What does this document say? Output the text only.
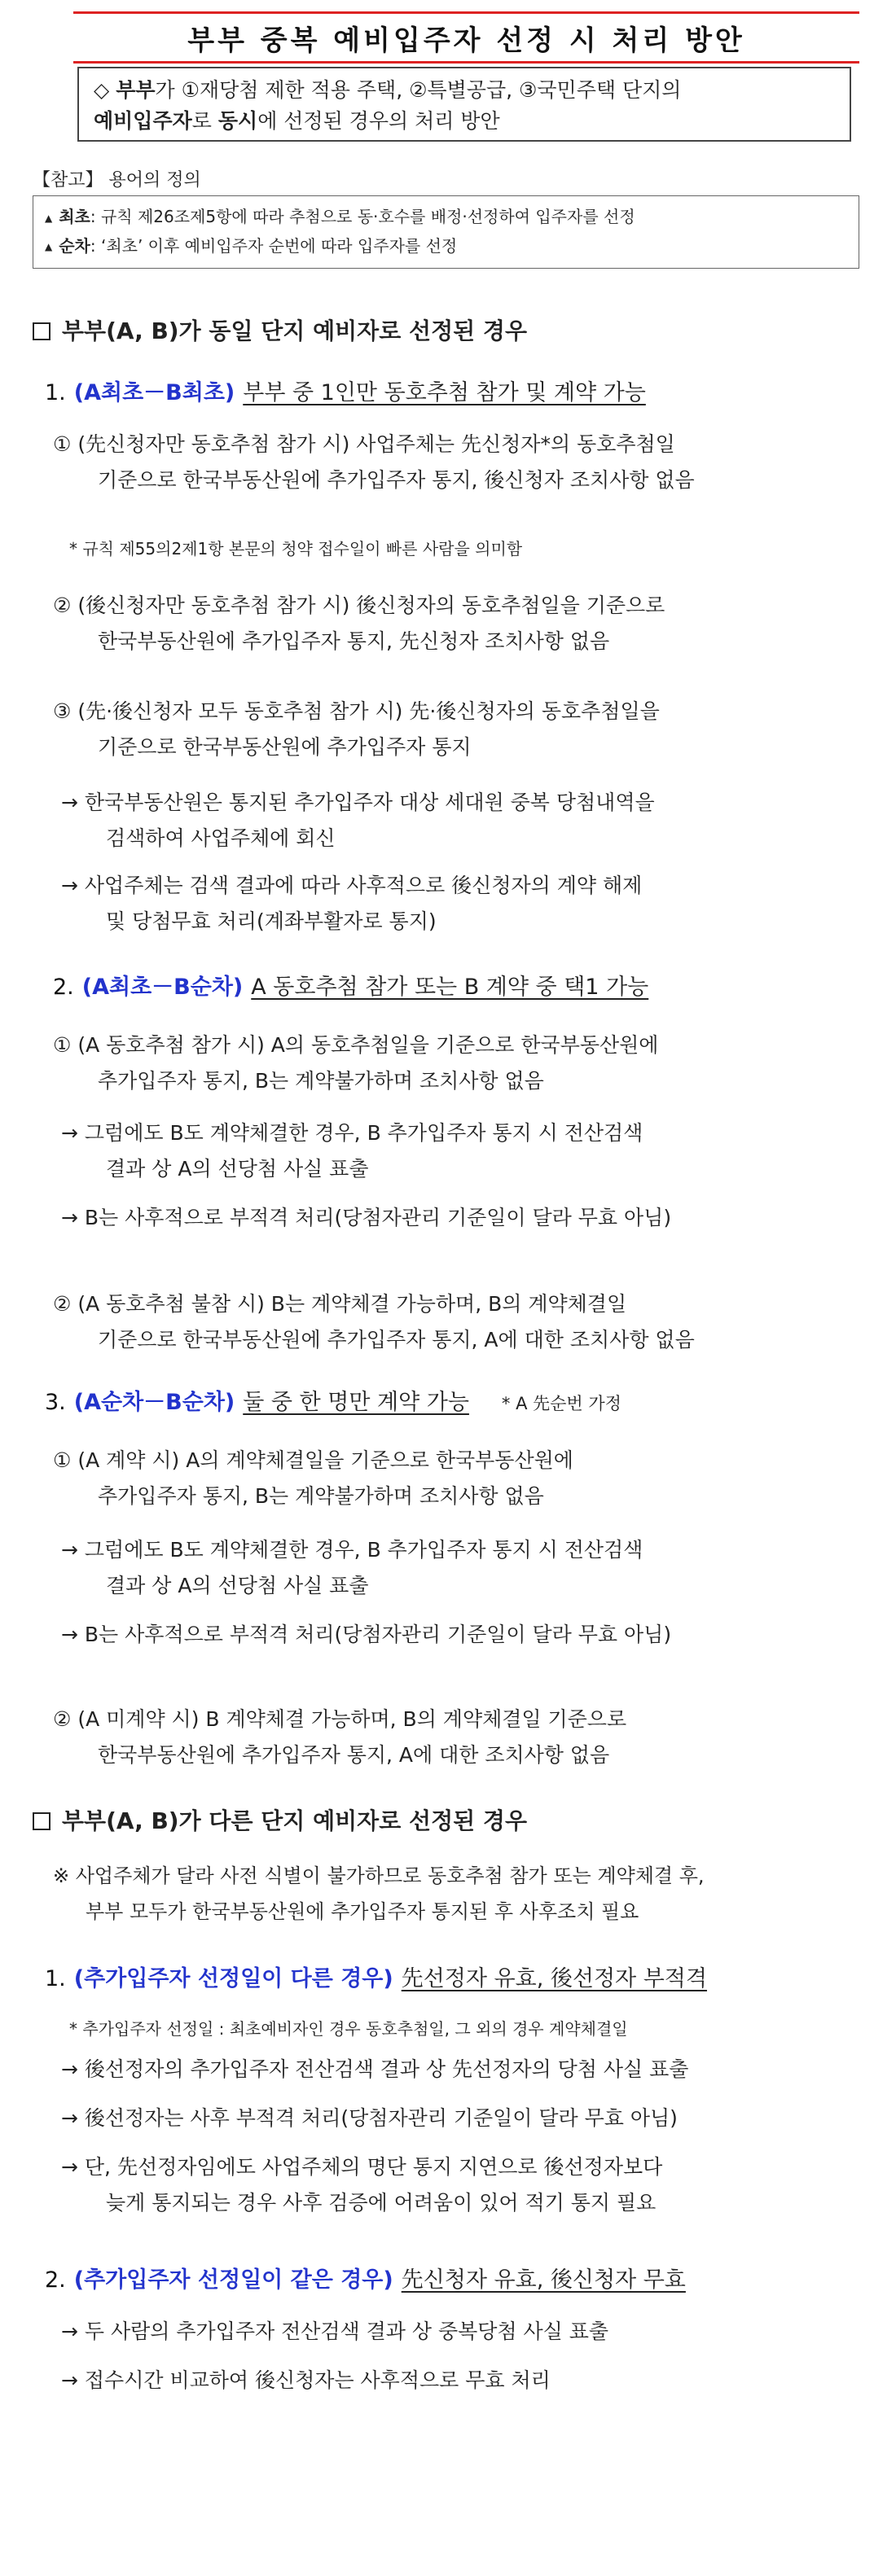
부부 중복 예비입주자 선정 시 처리 방안
◇ 부부가 ①재당첨 제한 적용 주택, ②특별공급, ③국민주택 단지의
예비입주자로 동시에 선정된 경우의 처리 방안
【참고】 용어의 정의
▲ 최초: 규칙 제26조제5항에 따라 추첨으로 동·호수를 배정·선정하여 입주자를 선정
▲ 순차: ‘최초’ 이후 예비입주자 순번에 따라 입주자를 선정
부부(A, B)가 동일 단지 예비자로 선정된 경우
1. (A최초－B최초) 부부 중 1인만 동호추첨 참가 및 계약 가능
① (先신청자만 동호추첨 참가 시) 사업주체는 先신청자*의 동호추첨일
기준으로 한국부동산원에 추가입주자 통지, 後신청자 조치사항 없음
* 규칙 제55의2제1항 본문의 청약 접수일이 빠른 사람을 의미함
② (後신청자만 동호추첨 참가 시) 後신청자의 동호추첨일을 기준으로
한국부동산원에 추가입주자 통지, 先신청자 조치사항 없음
③ (先·後신청자 모두 동호추첨 참가 시) 先·後신청자의 동호추첨일을
기준으로 한국부동산원에 추가입주자 통지
→ 한국부동산원은 통지된 추가입주자 대상 세대원 중복 당첨내역을
검색하여 사업주체에 회신
→ 사업주체는 검색 결과에 따라 사후적으로 後신청자의 계약 해제
및 당첨무효 처리(계좌부활자로 통지)
2. (A최초－B순차) A 동호추첨 참가 또는 B 계약 중 택1 가능
① (A 동호추첨 참가 시) A의 동호추첨일을 기준으로 한국부동산원에
추가입주자 통지, B는 계약불가하며 조치사항 없음
→ 그럼에도 B도 계약체결한 경우, B 추가입주자 통지 시 전산검색
결과 상 A의 선당첨 사실 표출
→ B는 사후적으로 부적격 처리(당첨자관리 기준일이 달라 무효 아님)
② (A 동호추첨 불참 시) B는 계약체결 가능하며, B의 계약체결일
기준으로 한국부동산원에 추가입주자 통지, A에 대한 조치사항 없음
3. (A순차－B순차) 둘 중 한 명만 계약 가능 * A 先순번 가정
① (A 계약 시) A의 계약체결일을 기준으로 한국부동산원에
추가입주자 통지, B는 계약불가하며 조치사항 없음
→ 그럼에도 B도 계약체결한 경우, B 추가입주자 통지 시 전산검색
결과 상 A의 선당첨 사실 표출
→ B는 사후적으로 부적격 처리(당첨자관리 기준일이 달라 무효 아님)
② (A 미계약 시) B 계약체결 가능하며, B의 계약체결일 기준으로
한국부동산원에 추가입주자 통지, A에 대한 조치사항 없음
부부(A, B)가 다른 단지 예비자로 선정된 경우
※ 사업주체가 달라 사전 식별이 불가하므로 동호추첨 참가 또는 계약체결 후,
부부 모두가 한국부동산원에 추가입주자 통지된 후 사후조치 필요
1. (추가입주자 선정일이 다른 경우) 先선정자 유효, 後선정자 부적격
* 추가입주자 선정일 : 최초예비자인 경우 동호추첨일, 그 외의 경우 계약체결일
→ 後선정자의 추가입주자 전산검색 결과 상 先선정자의 당첨 사실 표출
→ 後선정자는 사후 부적격 처리(당첨자관리 기준일이 달라 무효 아님)
→ 단, 先선정자임에도 사업주체의 명단 통지 지연으로 後선정자보다
늦게 통지되는 경우 사후 검증에 어려움이 있어 적기 통지 필요
2. (추가입주자 선정일이 같은 경우) 先신청자 유효, 後신청자 무효
→ 두 사람의 추가입주자 전산검색 결과 상 중복당첨 사실 표출
→ 접수시간 비교하여 後신청자는 사후적으로 무효 처리
